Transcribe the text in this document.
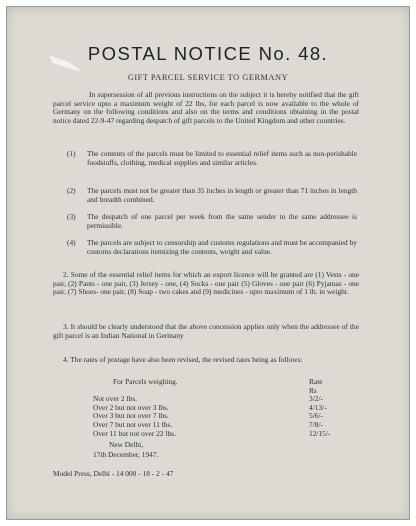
POSTAL NOTICE No. 48.
GIFT PARCEL SERVICE TO GERMANY
In supersession of all previous instructions on the subject it is hereby notified that the gift parcel service upto a maximum weight of 22 lbs, for each parcel is now available to the whole of Germany on the following conditions and also on the terms and conditions obtaining in the postal notice dated 22-9-47 regarding despatch of gift parcels to the United Kingdom and other countries.
(1)	The contents of the parcels must be limited to essential relief items such as non-perishable foodstuffs, clothing, medical supplies and similar articles.
(2)	The parcels must not be greater than 35 inches in length or greater than 71 inches in length and breadth combined.
(3)	The despatch of one parcel per week from the same sender to the same addressee is permissible.
(4)	The parcels are subject to censorship and customs regulations and must be accompanied by customs declarations itemizing the contents, weight and value.
2. Some of the essential relief items for which an export licence will be granted are (1) Vests - one pair, (2) Pants - one pair, (3) Jersey - one, (4) Socks - one pair (5) Gloves - one pair (6) Pyjamas - one pair, (7) Shoes- one pair, (8) Soap - two cakes and (9) medicines - upto maximum of 1 lb. in weight.
3. It should be clearly understood that the above concession applies only when the addressee of the gift parcel is an Indian National in Germany
4. The rates of postage have also been revised, the revised rates being as follows:
For Parcels weighing.	Rate
Rs
Not over 2 lbs.	3/2/-
Over 2 but not over 3 lbs.	4/13/-
Over 3 but not over 7 lbs.	5/6/-
Over 7 but not over 11 lbs.	7/8/-
Over 11 but not over 22 lbs.	12/15/-
New Delhi,
17th December, 1947.
Model Press, Delhi - 14 000 - 18 - 2 - 47
